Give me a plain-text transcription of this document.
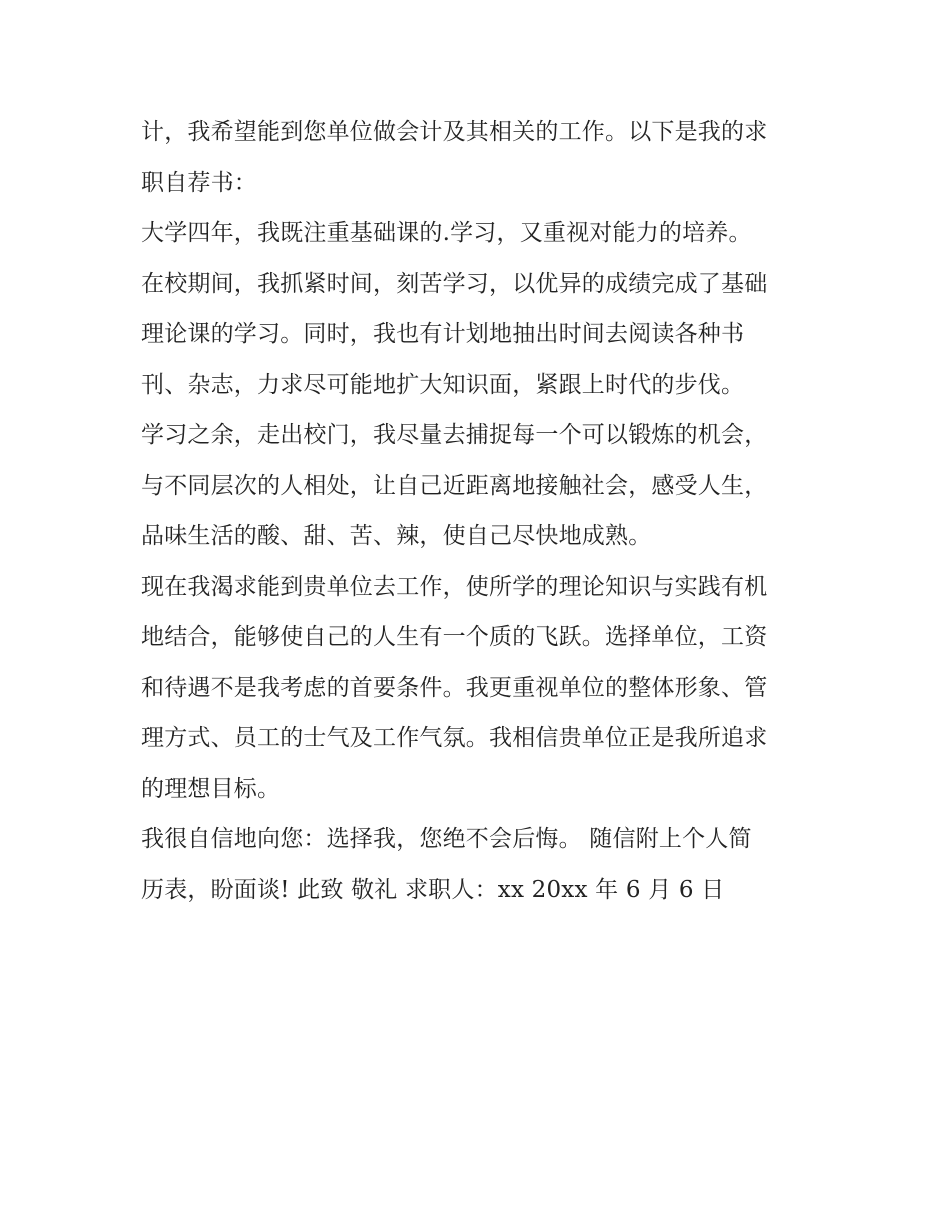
计，我希望能到您单位做会计及其相关的工作。以下是我的求
职自荐书：
大学四年，我既注重基础课的.学习，又重视对能力的培养。
在校期间，我抓紧时间，刻苦学习，以优异的成绩完成了基础
理论课的学习。同时，我也有计划地抽出时间去阅读各种书
刊、杂志，力求尽可能地扩大知识面，紧跟上时代的步伐。
学习之余，走出校门，我尽量去捕捉每一个可以锻炼的机会，
与不同层次的人相处，让自己近距离地接触社会，感受人生，
品味生活的酸、甜、苦、辣，使自己尽快地成熟。
现在我渴求能到贵单位去工作，使所学的理论知识与实践有机
地结合，能够使自己的人生有一个质的飞跃。选择单位，工资
和待遇不是我考虑的首要条件。我更重视单位的整体形象、管
理方式、员工的士气及工作气氛。我相信贵单位正是我所追求
的理想目标。
我很自信地向您：选择我，您绝不会后悔。 随信附上个人简
历表，盼面谈! 此致 敬礼 求职人：xx 20xx 年 6 月 6 日
